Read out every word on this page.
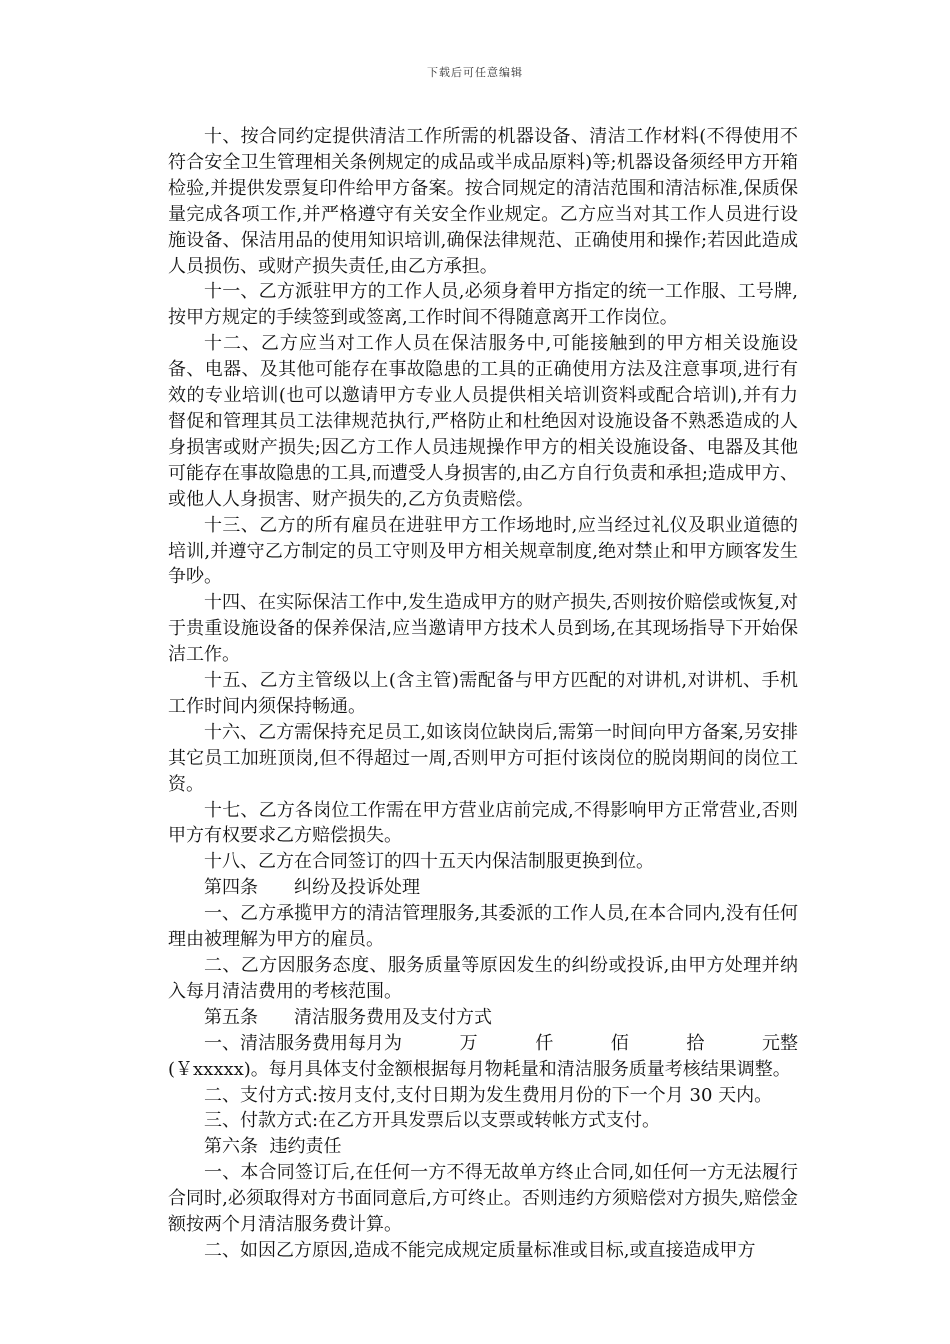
下载后可任意编辑

十、按合同约定提供清洁工作所需的机器设备、清洁工作材料(不得使用不符合安全卫生管理相关条例规定的成品或半成品原料)等;机器设备须经甲方开箱检验,并提供发票复印件给甲方备案。按合同规定的清洁范围和清洁标准,保质保量完成各项工作,并严格遵守有关安全作业规定。乙方应当对其工作人员进行设施设备、保洁用品的使用知识培训,确保法律规范、正确使用和操作;若因此造成人员损伤、或财产损失责任,由乙方承担。

十一、乙方派驻甲方的工作人员,必须身着甲方指定的统一工作服、工号牌,按甲方规定的手续签到或签离,工作时间不得随意离开工作岗位。

十二、乙方应当对工作人员在保洁服务中,可能接触到的甲方相关设施设备、电器、及其他可能存在事故隐患的工具的正确使用方法及注意事项,进行有效的专业培训(也可以邀请甲方专业人员提供相关培训资料或配合培训),并有力督促和管理其员工法律规范执行,严格防止和杜绝因对设施设备不熟悉造成的人身损害或财产损失;因乙方工作人员违规操作甲方的相关设施设备、电器及其他可能存在事故隐患的工具,而遭受人身损害的,由乙方自行负责和承担;造成甲方、或他人人身损害、财产损失的,乙方负责赔偿。

十三、乙方的所有雇员在进驻甲方工作场地时,应当经过礼仪及职业道德的培训,并遵守乙方制定的员工守则及甲方相关规章制度,绝对禁止和甲方顾客发生争吵。

十四、在实际保洁工作中,发生造成甲方的财产损失,否则按价赔偿或恢复,对于贵重设施设备的保养保洁,应当邀请甲方技术人员到场,在其现场指导下开始保洁工作。

十五、乙方主管级以上(含主管)需配备与甲方匹配的对讲机,对讲机、手机工作时间内须保持畅通。

十六、乙方需保持充足员工,如该岗位缺岗后,需第一时间向甲方备案,另安排其它员工加班顶岗,但不得超过一周,否则甲方可拒付该岗位的脱岗期间的岗位工资。

十七、乙方各岗位工作需在甲方营业店前完成,不得影响甲方正常营业,否则甲方有权要求乙方赔偿损失。

十八、乙方在合同签订的四十五天内保洁制服更换到位。

第四条　　纠纷及投诉处理

一、乙方承揽甲方的清洁管理服务,其委派的工作人员,在本合同内,没有任何理由被理解为甲方的雇员。

二、乙方因服务态度、服务质量等原因发生的纠纷或投诉,由甲方处理并纳入每月清洁费用的考核范围。

第五条　　清洁服务费用及支付方式

一、清洁服务费用每月为	万	仟	佰	拾	元整

(￥xxxxx)。每月具体支付金额根据每月物耗量和清洁服务质量考核结果调整。

二、支付方式:按月支付,支付日期为发生费用月份的下一个月 30 天内。

三、付款方式:在乙方开具发票后以支票或转帐方式支付。

第六条  违约责任

一、本合同签订后,在任何一方不得无故单方终止合同,如任何一方无法履行合同时,必须取得对方书面同意后,方可终止。否则违约方须赔偿对方损失,赔偿金额按两个月清洁服务费计算。

二、如因乙方原因,造成不能完成规定质量标准或目标,或直接造成甲方
